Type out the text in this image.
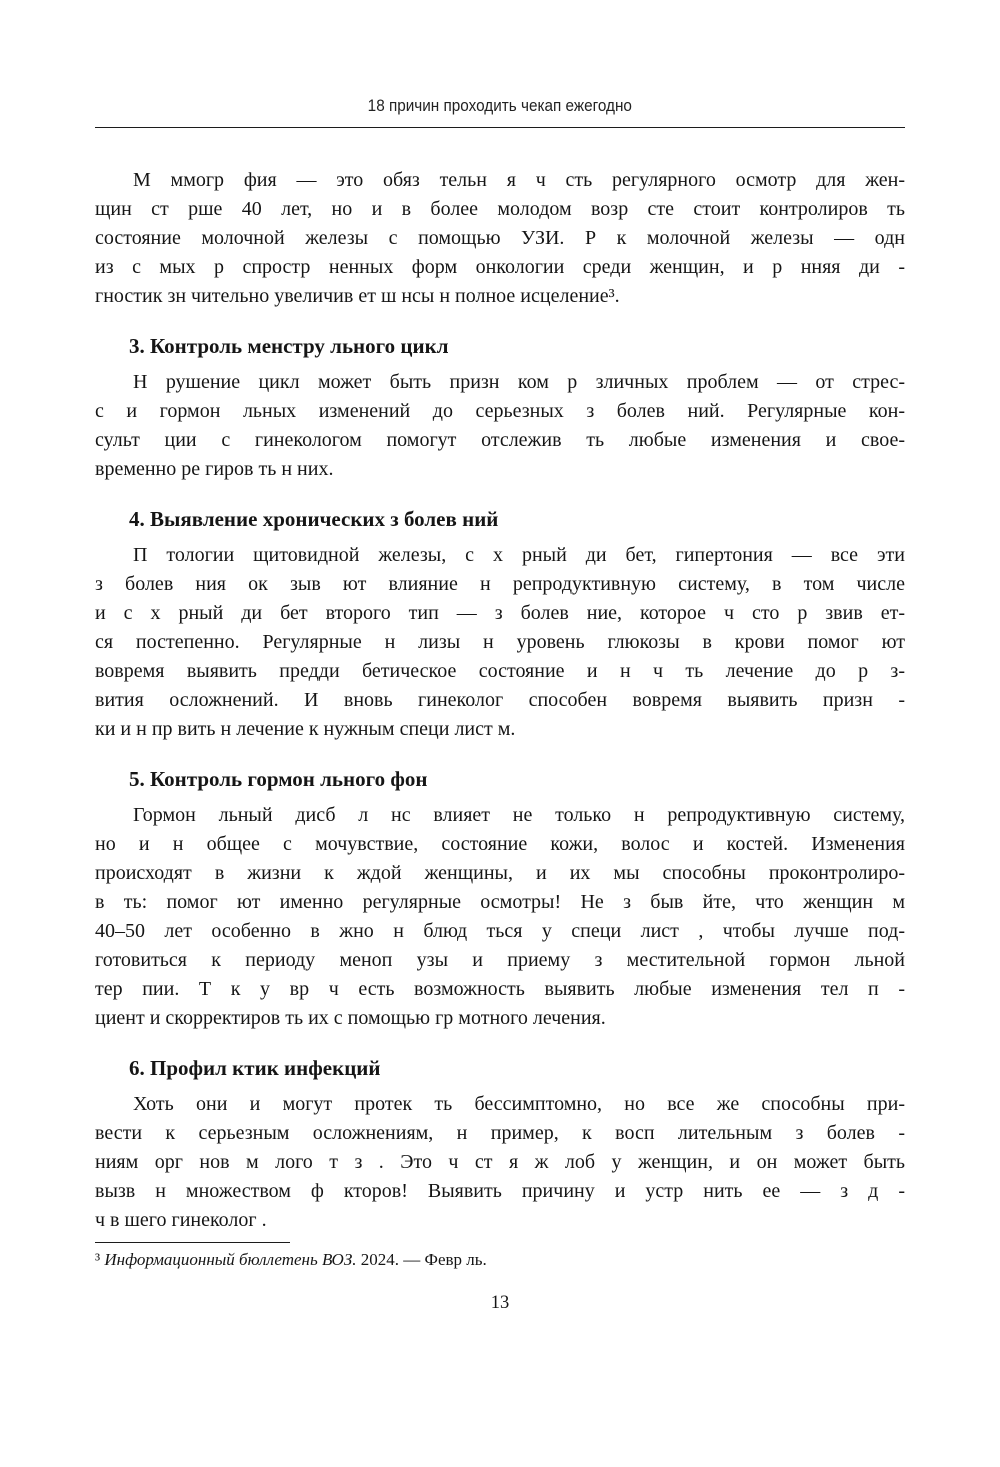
18 причин проходить чекап ежегодно
М ммогр фия — это обяз тельн я ч сть регулярного осмотр для жен-
щин ст рше 40 лет, но и в более молодом возр сте стоит контролиров ть
состояние молочной железы с помощью УЗИ. Р к молочной железы — одн
из с мых р спростр ненных форм онкологии среди женщин, и р нняя ди -
гностик зн чительно увеличив ет ш нсы н полное исцеление³.
3. Контроль менстру льного цикл
Н рушение цикл может быть призн ком р зличных проблем — от стрес-
с и гормон льных изменений до серьезных з болев ний. Регулярные кон-
сульт ции с гинекологом помогут отслежив ть любые изменения и свое-
временно ре гиров ть н них.
4. Выявление хронических з болев ний
П тологии щитовидной железы, с х рный ди бет, гипертония — все эти
з болев ния ок зыв ют влияние н репродуктивную систему, в том числе
и с х рный ди бет второго тип — з болев ние, которое ч сто р звив ет-
ся постепенно. Регулярные н лизы н уровень глюкозы в крови помог ют
вовремя выявить предди бетическое состояние и н ч ть лечение до р з-
вития осложнений. И вновь гинеколог способен вовремя выявить призн -
ки и н пр вить н лечение к нужным специ лист м.
5. Контроль гормон льного фон
Гормон льный дисб л нс влияет не только н репродуктивную систему,
но и н общее с мочувствие, состояние кожи, волос и костей. Изменения
происходят в жизни к ждой женщины, и их мы способны проконтролиро-
в ть: помог ют именно регулярные осмотры! Не з быв йте, что женщин м
40–50 лет особенно в жно н блюд ться у специ лист , чтобы лучше под-
готовиться к периоду меноп узы и приему з местительной гормон льной
тер пии. Т к у вр ч есть возможность выявить любые изменения тел п -
циент и скорректиров ть их с помощью гр мотного лечения.
6. Профил ктик инфекций
Хоть они и могут протек ть бессимптомно, но все же способны при-
вести к серьезным осложнениям, н пример, к восп лительным з болев -
ниям орг нов м лого т з . Это ч ст я ж лоб у женщин, и он может быть
вызв н множеством ф кторов! Выявить причину и устр нить ее — з д -
ч в шего гинеколог .
³ Информационный бюллетень ВОЗ. 2024. — Февр ль.
13
